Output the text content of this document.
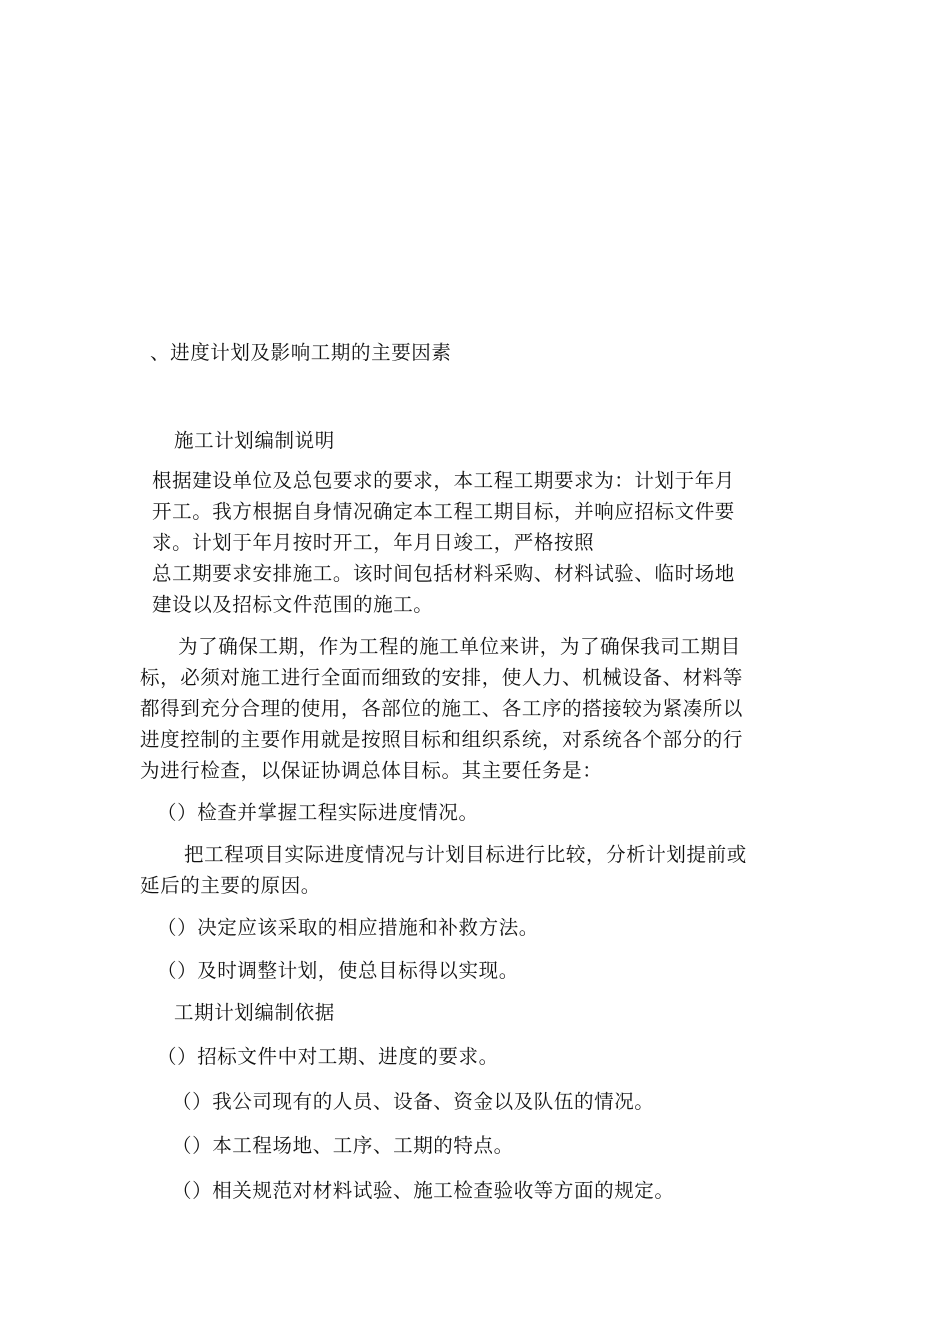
、进度计划及影响工期的主要因素
施工计划编制说明
根据建设单位及总包要求的要求，本工程工期要求为：计划于年月
开工。我方根据自身情况确定本工程工期目标，并响应招标文件要
求。计划于年月按时开工，年月日竣工，严格按照
总工期要求安排施工。该时间包括材料采购、材料试验、临时场地
建设以及招标文件范围的施工。
为了确保工期，作为工程的施工单位来讲，为了确保我司工期目
标，必须对施工进行全面而细致的安排，使人力、机械设备、材料等
都得到充分合理的使用，各部位的施工、各工序的搭接较为紧凑所以
进度控制的主要作用就是按照目标和组织系统，对系统各个部分的行
为进行检查，以保证协调总体目标。其主要任务是：
（）检查并掌握工程实际进度情况。
把工程项目实际进度情况与计划目标进行比较，分析计划提前或
延后的主要的原因。
（）决定应该采取的相应措施和补救方法。
（）及时调整计划，使总目标得以实现。
工期计划编制依据
（）招标文件中对工期、进度的要求。
（）我公司现有的人员、设备、资金以及队伍的情况。
（）本工程场地、工序、工期的特点。
（）相关规范对材料试验、施工检查验收等方面的规定。
